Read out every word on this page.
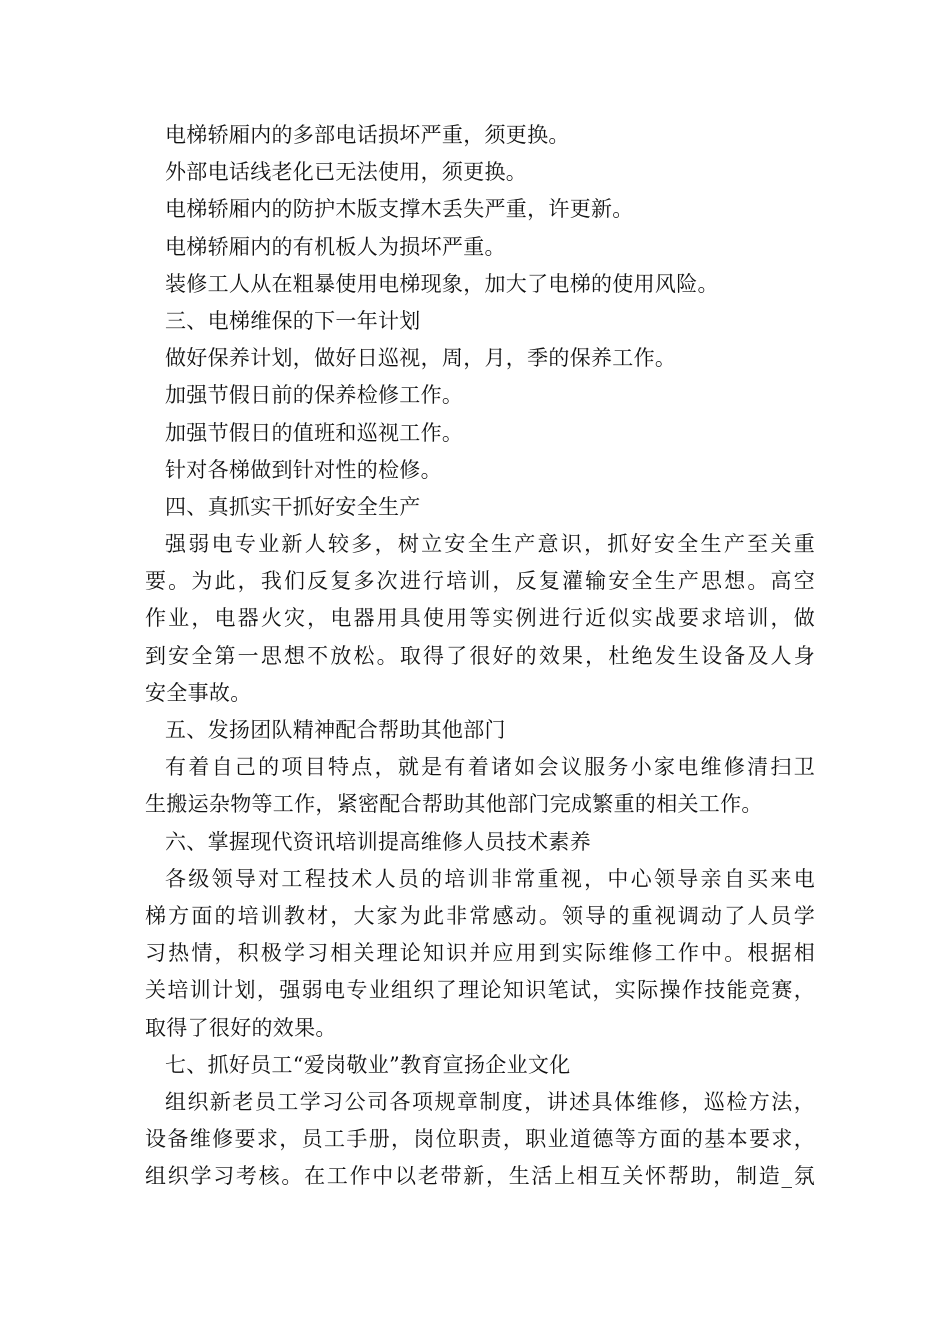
电梯轿厢内的多部电话损坏严重，须更换。
外部电话线老化已无法使用，须更换。
电梯轿厢内的防护木版支撑木丢失严重，许更新。
电梯轿厢内的有机板人为损坏严重。
装修工人从在粗暴使用电梯现象，加大了电梯的使用风险。
三、电梯维保的下一年计划
做好保养计划，做好日巡视，周，月，季的保养工作。
加强节假日前的保养检修工作。
加强节假日的值班和巡视工作。
针对各梯做到针对性的检修。
四、真抓实干抓好安全生产
强弱电专业新人较多，树立安全生产意识，抓好安全生产至关重
要。为此，我们反复多次进行培训，反复灌输安全生产思想。高空
作业，电器火灾，电器用具使用等实例进行近似实战要求培训，做
到安全第一思想不放松。取得了很好的效果，杜绝发生设备及人身
安全事故。
五、发扬团队精神配合帮助其他部门
有着自己的项目特点，就是有着诸如会议服务小家电维修清扫卫
生搬运杂物等工作，紧密配合帮助其他部门完成繁重的相关工作。
六、掌握现代资讯培训提高维修人员技术素养
各级领导对工程技术人员的培训非常重视，中心领导亲自买来电
梯方面的培训教材，大家为此非常感动。领导的重视调动了人员学
习热情，积极学习相关理论知识并应用到实际维修工作中。根据相
关培训计划，强弱电专业组织了理论知识笔试，实际操作技能竞赛，
取得了很好的效果。
七、抓好员工“爱岗敬业”教育宣扬企业文化
组织新老员工学习公司各项规章制度，讲述具体维修，巡检方法，
设备维修要求，员工手册，岗位职责，职业道德等方面的基本要求，
组织学习考核。在工作中以老带新，生活上相互关怀帮助，制造_氛
